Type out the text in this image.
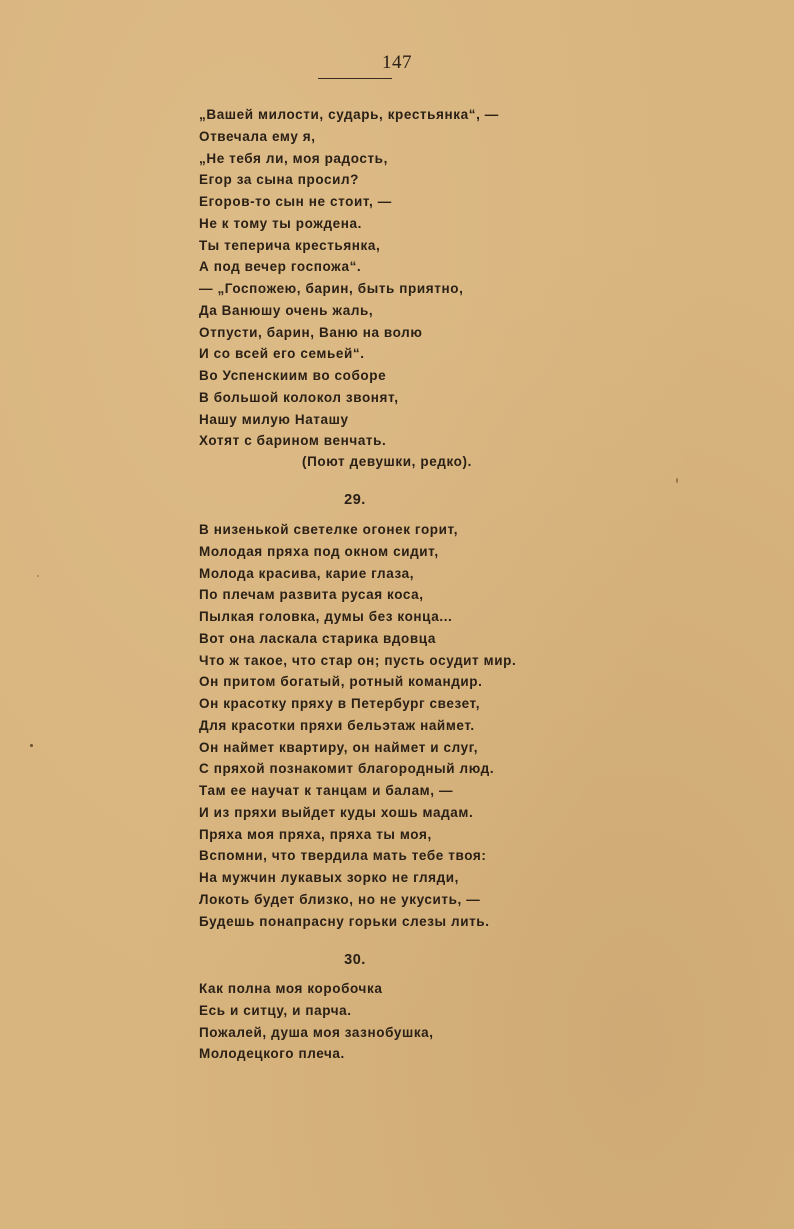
147
„Вашей милости, сударь, крестьянка“, —
Отвечала ему я,
„Не тебя ли, моя радость,
Егор за сына просил?
Егоров-то сын не стоит, —
Не к тому ты рождена.
Ты теперича крестьянка,
А под вечер госпожа“.
— „Госпожею, барин, быть приятно,
Да Ванюшу очень жаль,
Отпусти, барин, Ваню на волю
И со всей его семьей“.
Во Успенскиим во соборе
В большой колокол звонят,
Нашу милую Наташу
Хотят с барином венчать.
(Поют девушки, редко).
29.
В низенькой светелке огонек горит,
Молодая пряха под окном сидит,
Молода красива, карие глаза,
По плечам развита русая коса,
Пылкая головка, думы без конца...
Вот она ласкала старика вдовца
Что ж такое, что стар он; пусть осудит мир.
Он притом богатый, ротный командир.
Он красотку пряху в Петербург свезет,
Для красотки пряхи бельэтаж наймет.
Он наймет квартиру, он наймет и слуг,
С пряхой познакомит благородный люд.
Там ее научат к танцам и балам, —
И из пряхи выйдет куды хошь мадам.
Пряха моя пряха, пряха ты моя,
Вспомни, что твердила мать тебе твоя:
На мужчин лукавых зорко не гляди,
Локоть будет близко, но не укусить, —
Будешь понапрасну горьки слезы лить.
30.
Как полна моя коробочка
Есь и ситцу, и парча.
Пожалей, душа моя зазнобушка,
Молодецкого плеча.
